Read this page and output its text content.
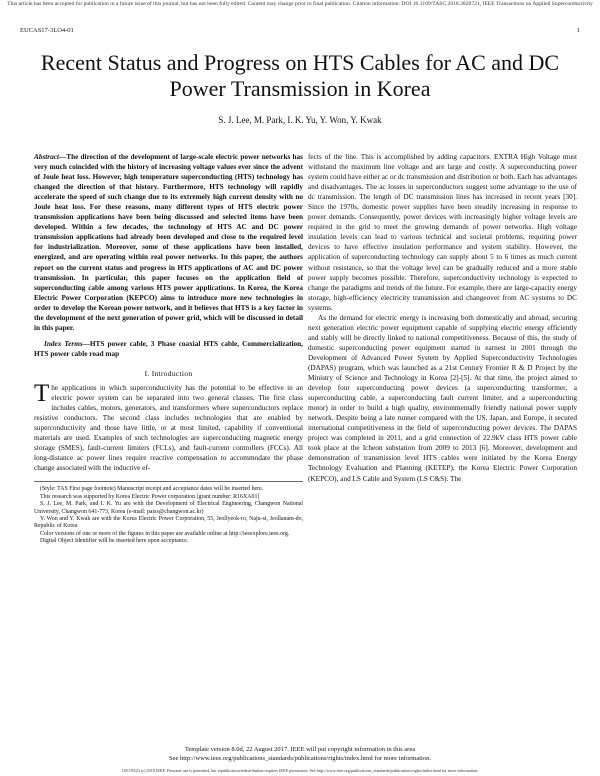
This article has been accepted for publication in a future issue of this journal, but has not been fully edited. Content may change prior to final publication. Citation information: DOI 10.1109/TASC.2018.2820721, IEEE Transactions on Applied Superconductivity
EUCAS17-3LO4-01	1
Recent Status and Progress on HTS Cables for AC and DC Power Transmission in Korea
S. J. Lee, M. Park, I. K. Yu, Y. Won, Y. Kwak

Abstract—The direction of the development of large-scale electric power networks has very much coincided with the history of increasing voltage values ever since the advent of Joule heat loss. However, high temperature superconducting (HTS) technology has changed the direction of that history. Furthermore, HTS technology will rapidly accelerate the speed of such change due to its extremely high current density with no Joule heat loss. For these reasons, many different types of HTS electric power transmission applications have been being discussed and selected items have been developed. Within a few decades, the technology of HTS AC and DC power transmission applications had already been developed and close to the required level for industrialization. Moreover, some of these applications have been installed, energized, and are operating within real power networks. In this paper, the authors report on the current status and progress in HTS applications of AC and DC power transmission. In particular, this paper focuses on the application field of superconducting cable among various HTS power applications. In Korea, the Korea Electric Power Corporation (KEPCO) aims to introduce more new technologies in order to develop the Korean power network, and it believes that HTS is a key factor in the development of the next generation of power grid, which will be discussed in detail in this paper.

Index Terms—HTS power cable, 3 Phase coaxial HTS cable, Commercialization, HTS power cable road map

I. Introduction

The applications in which superconductivity has the potential to be effective in an electric power system can be separated into two general classes. The first class includes cables, motors, generators, and transformers where superconductors replace resistive conductors. The second class includes technologies that are enabled by superconductivity and those have little, or at most limited, capability if conventional materials are used. Examples of such technologies are superconducting magnetic energy storage (SMES), fault-current limiters (FCLs), and fault-current controllers (FCCs). All long-distance ac power lines require reactive compensation to accommodate the phase change associated with the inductive ef-

(Style: TAS First page footnote) Manuscript receipt and acceptance dates will be inserted here.

This research was supported by Korea Electric Power corporation [grant number: R16XA01]

S. J. Lee, M. Park, and I. K. Yu are with the Development of Electrical Engineering, Changwon National University, Changwon 641-773, Korea (e-mail: paiss@changwon.ac.kr)

Y. Won and Y. Kwak are with the Korea Electric Power Corporation, 55, Jeollyeok-ro, Naju-si, Jeollanam-do, Republic of Korea

Color versions of one or more of the figures in this paper are available online at http://ieeexplore.ieee.org.

Digital Object Identifier will be inserted here upon acceptance.

fects of the line. This is accomplished by adding capacitors. EXTRA High Voltage must withstand the maximum line voltage and are large and costly. A superconducting power system could have either ac or dc transmission and distribution or both. Each has advantages and disadvantages. The ac losses in superconductors suggest some advantage to the use of dc transmission. The length of DC transmission lines has increased in recent years [30]. Since the 1970s, domestic power supplies have been steadily increasing in response to power demands. Consequently, power devices with increasingly higher voltage levels are required in the grid to meet the growing demands of power networks. High voltage insulation levels can lead to various technical and societal problems, requiring power devices to have effective insulation performance and system stability. However, the application of superconducting technology can supply about 5 to 6 times as much current without resistance, so that the voltage level can be gradually reduced and a more stable power supply becomes possible. Therefore, superconductivity technology is expected to change the paradigms and trends of the future. For example, there are large-capacity energy storage, high-efficiency electricity transmission and changeover from AC systems to DC systems.

As the demand for electric energy is increasing both domestically and abroad, securing next generation electric power equipment capable of supplying electric energy efficiently and stably will be directly linked to national competitiveness. Because of this, the study of domestic superconducting power equipment started in earnest in 2001 through the Development of Advanced Power System by Applied Superconductivity Technologies (DAPAS) program, which was launched as a 21st Century Frontier R & D Project by the Ministry of Science and Technology in Korea [2]-[5]. At that time, the project aimed to develop four superconducting power devices (a superconducting transformer, a superconducting cable, a superconducting fault current limiter, and a superconducting motor) in order to build a high quality, environmentally friendly national power supply network. Despite being a late runner compared with the US, Japan, and Europe, it secured international competitiveness in the field of superconducting power devices. The DAPAS project was completed in 2011, and a grid connection of 22.9kV class HTS power cable took place at the Icheon substation from 2009 to 2013 [6]. Moreover, development and demonstration of transmission level HTS cables were initiated by the Korea Energy Technology Evaluation and Planning (KETEP), the Korea Electric Power Corporation (KEPCO), and LS Cable and System (LS C&S). The

Template version 8.0d, 22 August 2017. IEEE will put copyright information in this area
See http://www.ieee.org/publications_standards/publications/rights/index.html for more information.
1051-8223 (c) 2018 IEEE. Personal use is permitted, but republication/redistribution requires IEEE permission. See http://www.ieee.org/publications_standards/publications/rights/index.html for more information.
